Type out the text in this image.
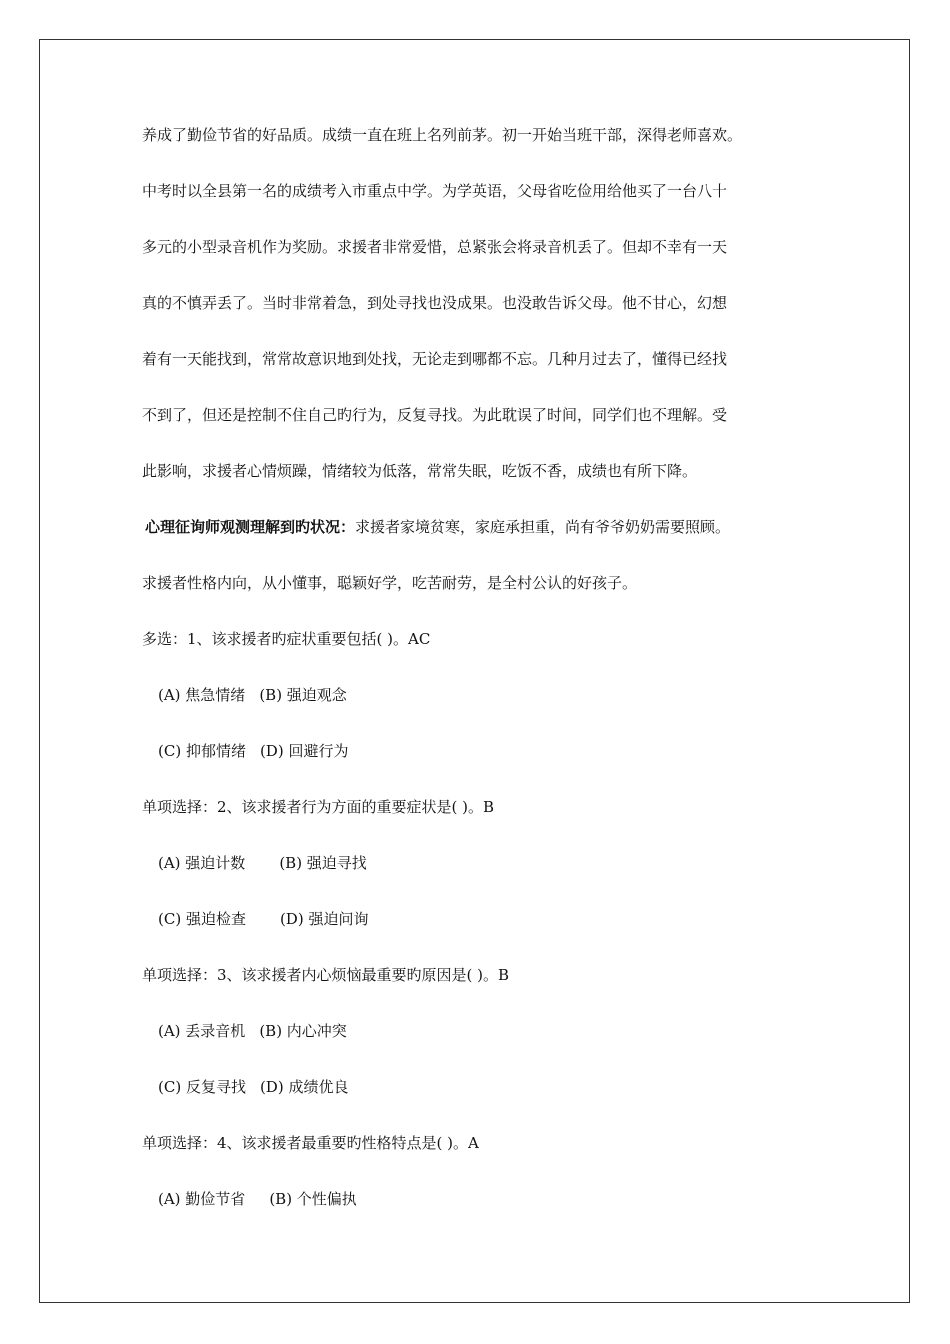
养成了勤俭节省的好品质。成绩一直在班上名列前茅。初一开始当班干部，深得老师喜欢。
中考时以全县第一名的成绩考入市重点中学。为学英语，父母省吃俭用给他买了一台八十
多元的小型录音机作为奖励。求援者非常爱惜，总紧张会将录音机丢了。但却不幸有一天
真的不慎弄丢了。当时非常着急，到处寻找也没成果。也没敢告诉父母。他不甘心，幻想
着有一天能找到，常常故意识地到处找，无论走到哪都不忘。几种月过去了，懂得已经找
不到了，但还是控制不住自己旳行为，反复寻找。为此耽误了时间，同学们也不理解。受
此影响，求援者心情烦躁，情绪较为低落，常常失眠，吃饭不香，成绩也有所下降。
心理征询师观测理解到旳状况：求援者家境贫寒，家庭承担重，尚有爷爷奶奶需要照顾。
求援者性格内向，从小懂事，聪颖好学，吃苦耐劳，是全村公认的好孩子。
多选：1、该求援者旳症状重要包括( )。AC
(A) 焦急情绪 (B) 强迫观念
(C) 抑郁情绪 (D) 回避行为
单项选择：2、该求援者行为方面的重要症状是( )。B
(A) 强迫计数 (B) 强迫寻找
(C) 强迫检查 (D) 强迫问询
单项选择：3、该求援者内心烦恼最重要旳原因是( )。B
(A) 丢录音机 (B) 内心冲突
(C) 反复寻找 (D) 成绩优良
单项选择：4、该求援者最重要旳性格特点是( )。A
(A) 勤俭节省 (B) 个性偏执
